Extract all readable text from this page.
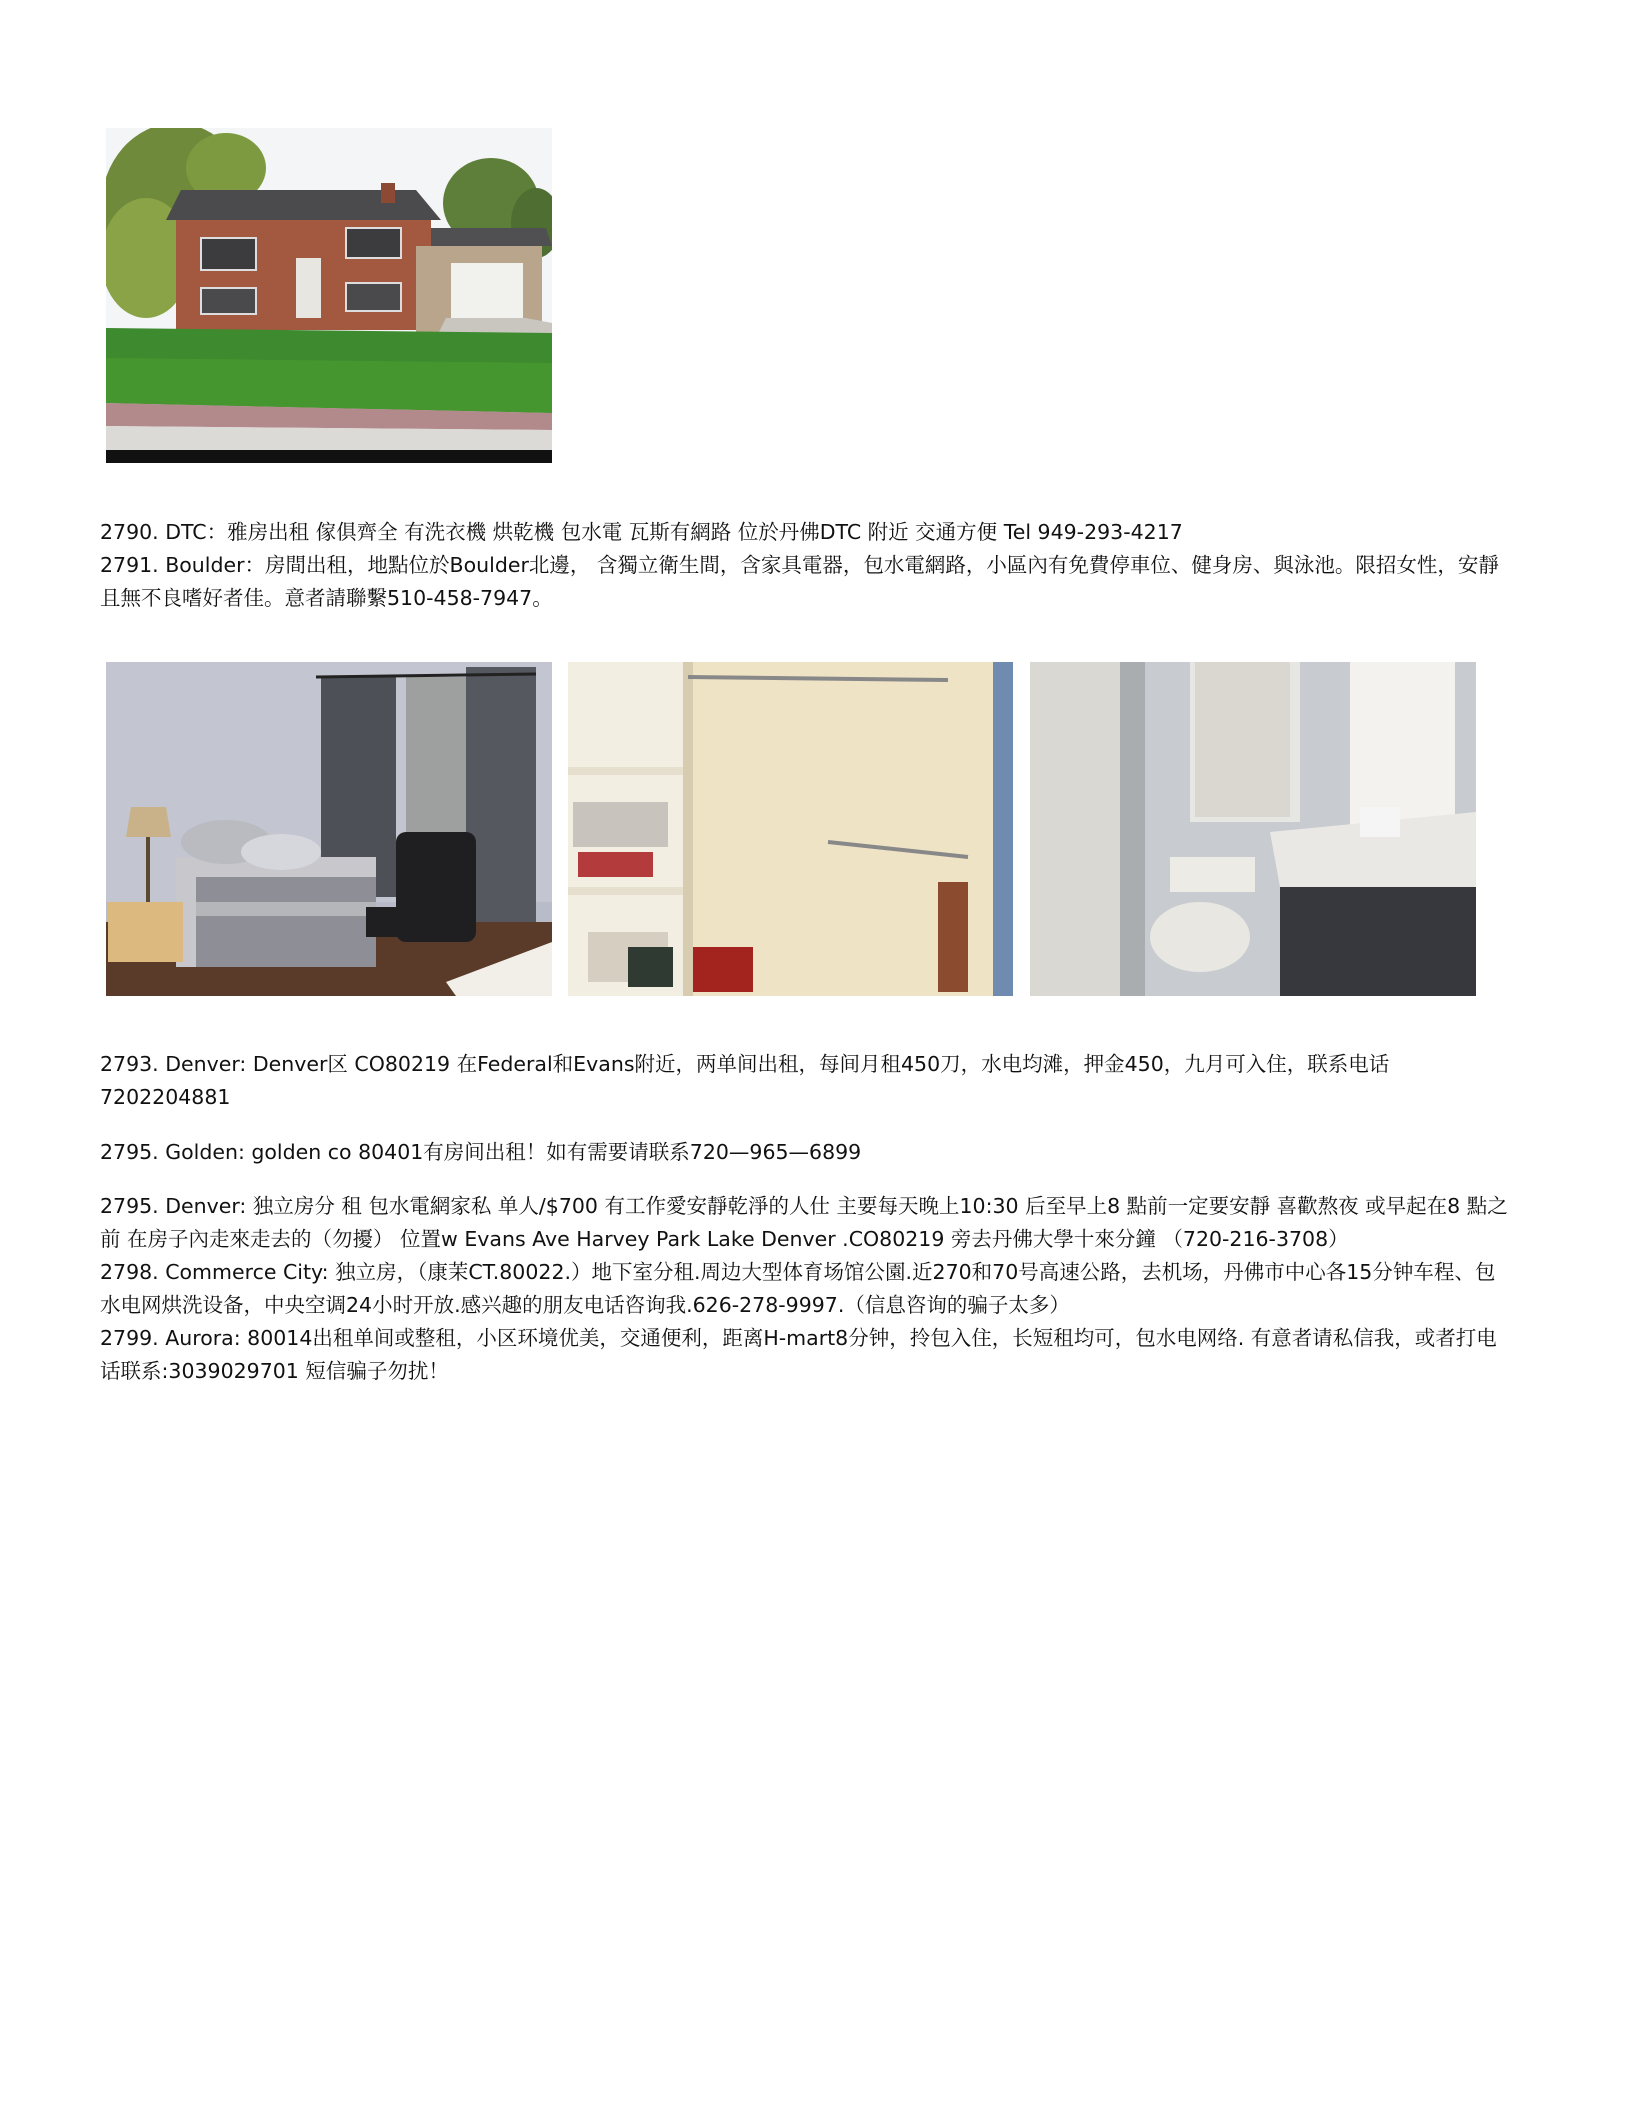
2790. DTC：雅房出租 傢俱齊全 有洗衣機 烘乾機 包水電 瓦斯有網路 位於丹佛DTC 附近 交通方便 Tel 949-293-4217

2791. Boulder：房間出租，地點位於Boulder北邊， 含獨立衛生間，含家具電器，包水電網路，小區內有免費停車位、健身房、與泳池。限招女性，安靜且無不良嗜好者佳。意者請聯繫510-458-7947。

2793. Denver: Denver区 CO80219 在Federal和Evans附近，两单间出租，每间月租450刀，水电均滩，押金450，九月可入住，联系电话7202204881

2795. Golden: golden co 80401有房间出租！如有需要请联系720—965—6899

2795. Denver: 独立房分 租 包水電網家私 单人/$700 有工作愛安靜乾淨的人仕 主要每天晚上10:30 后至早上8 點前一定要安靜 喜歡熬夜 或早起在8 點之前 在房子內走來走去的（勿擾） 位置w Evans Ave Harvey Park Lake Denver .CO80219 旁去丹佛大學十來分鐘 （720-216-3708）

2798. Commerce City: 独立房，（康茉CT.80022.）地下室分租.周边大型体育场馆公園.近270和70号高速公路，去机场，丹佛市中心各15分钟车程、包水电网烘洗设备，中央空调24小时开放.感兴趣的朋友电话咨询我.626-278-9997.（信息咨询的骗子太多）

2799. Aurora: 80014出租单间或整租，小区环境优美，交通便利，距离H-mart8分钟，拎包入住，长短租均可，包水电网络. 有意者请私信我，或者打电话联系:3039029701 短信骗子勿扰！
